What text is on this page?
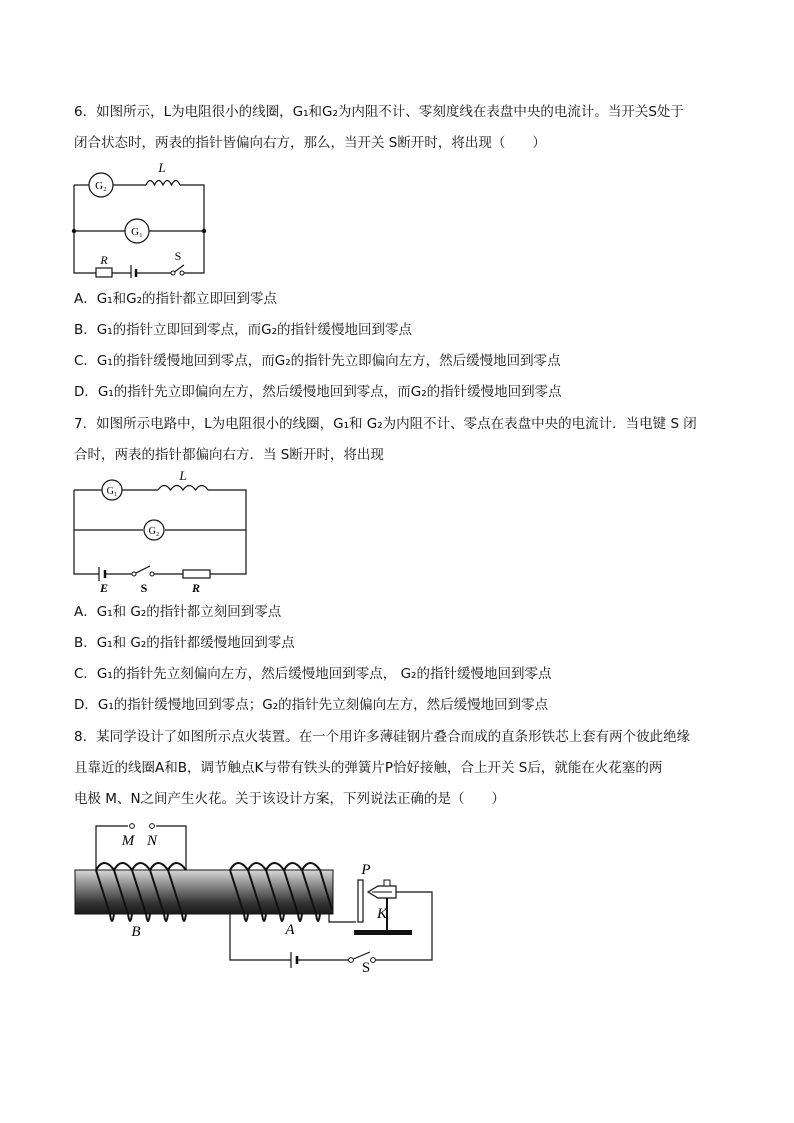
6．如图所示，L为电阻很小的线圈，G₁和G₂为内阻不计、零刻度线在表盘中央的电流计。当开关S处于
闭合状态时，两表的指针皆偏向右方，那么，当开关 S断开时，将出现（　　）
G₂
G₁
L
R	S
A．G₁和G₂的指针都立即回到零点
B．G₁的指针立即回到零点，而G₂的指针缓慢地回到零点
C．G₁的指针缓慢地回到零点，而G₂的指针先立即偏向左方，然后缓慢地回到零点
D．G₁的指针先立即偏向左方，然后缓慢地回到零点，而G₂的指针缓慢地回到零点
7．如图所示电路中，L为电阻很小的线圈，G₁和 G₂为内阻不计、零点在表盘中央的电流计．当电键 S 闭
合时，两表的指针都偏向右方．当 S断开时，将出现
G₁
G₂
L
E	S	R
A．G₁和 G₂的指针都立刻回到零点
B．G₁和 G₂的指针都缓慢地回到零点
C．G₁的指针先立刻偏向左方，然后缓慢地回到零点， G₂的指针缓慢地回到零点
D．G₁的指针缓慢地回到零点；G₂的指针先立刻偏向左方，然后缓慢地回到零点
8．某同学设计了如图所示点火装置。在一个用许多薄硅钢片叠合而成的直条形铁芯上套有两个彼此绝缘
且靠近的线圈A和B，调节触点K与带有铁头的弹簧片P恰好接触，合上开关 S后，就能在火花塞的两
电极 M、N之间产生火花。关于该设计方案，下列说法正确的是（　　）
M N
B	A
P
K
S
